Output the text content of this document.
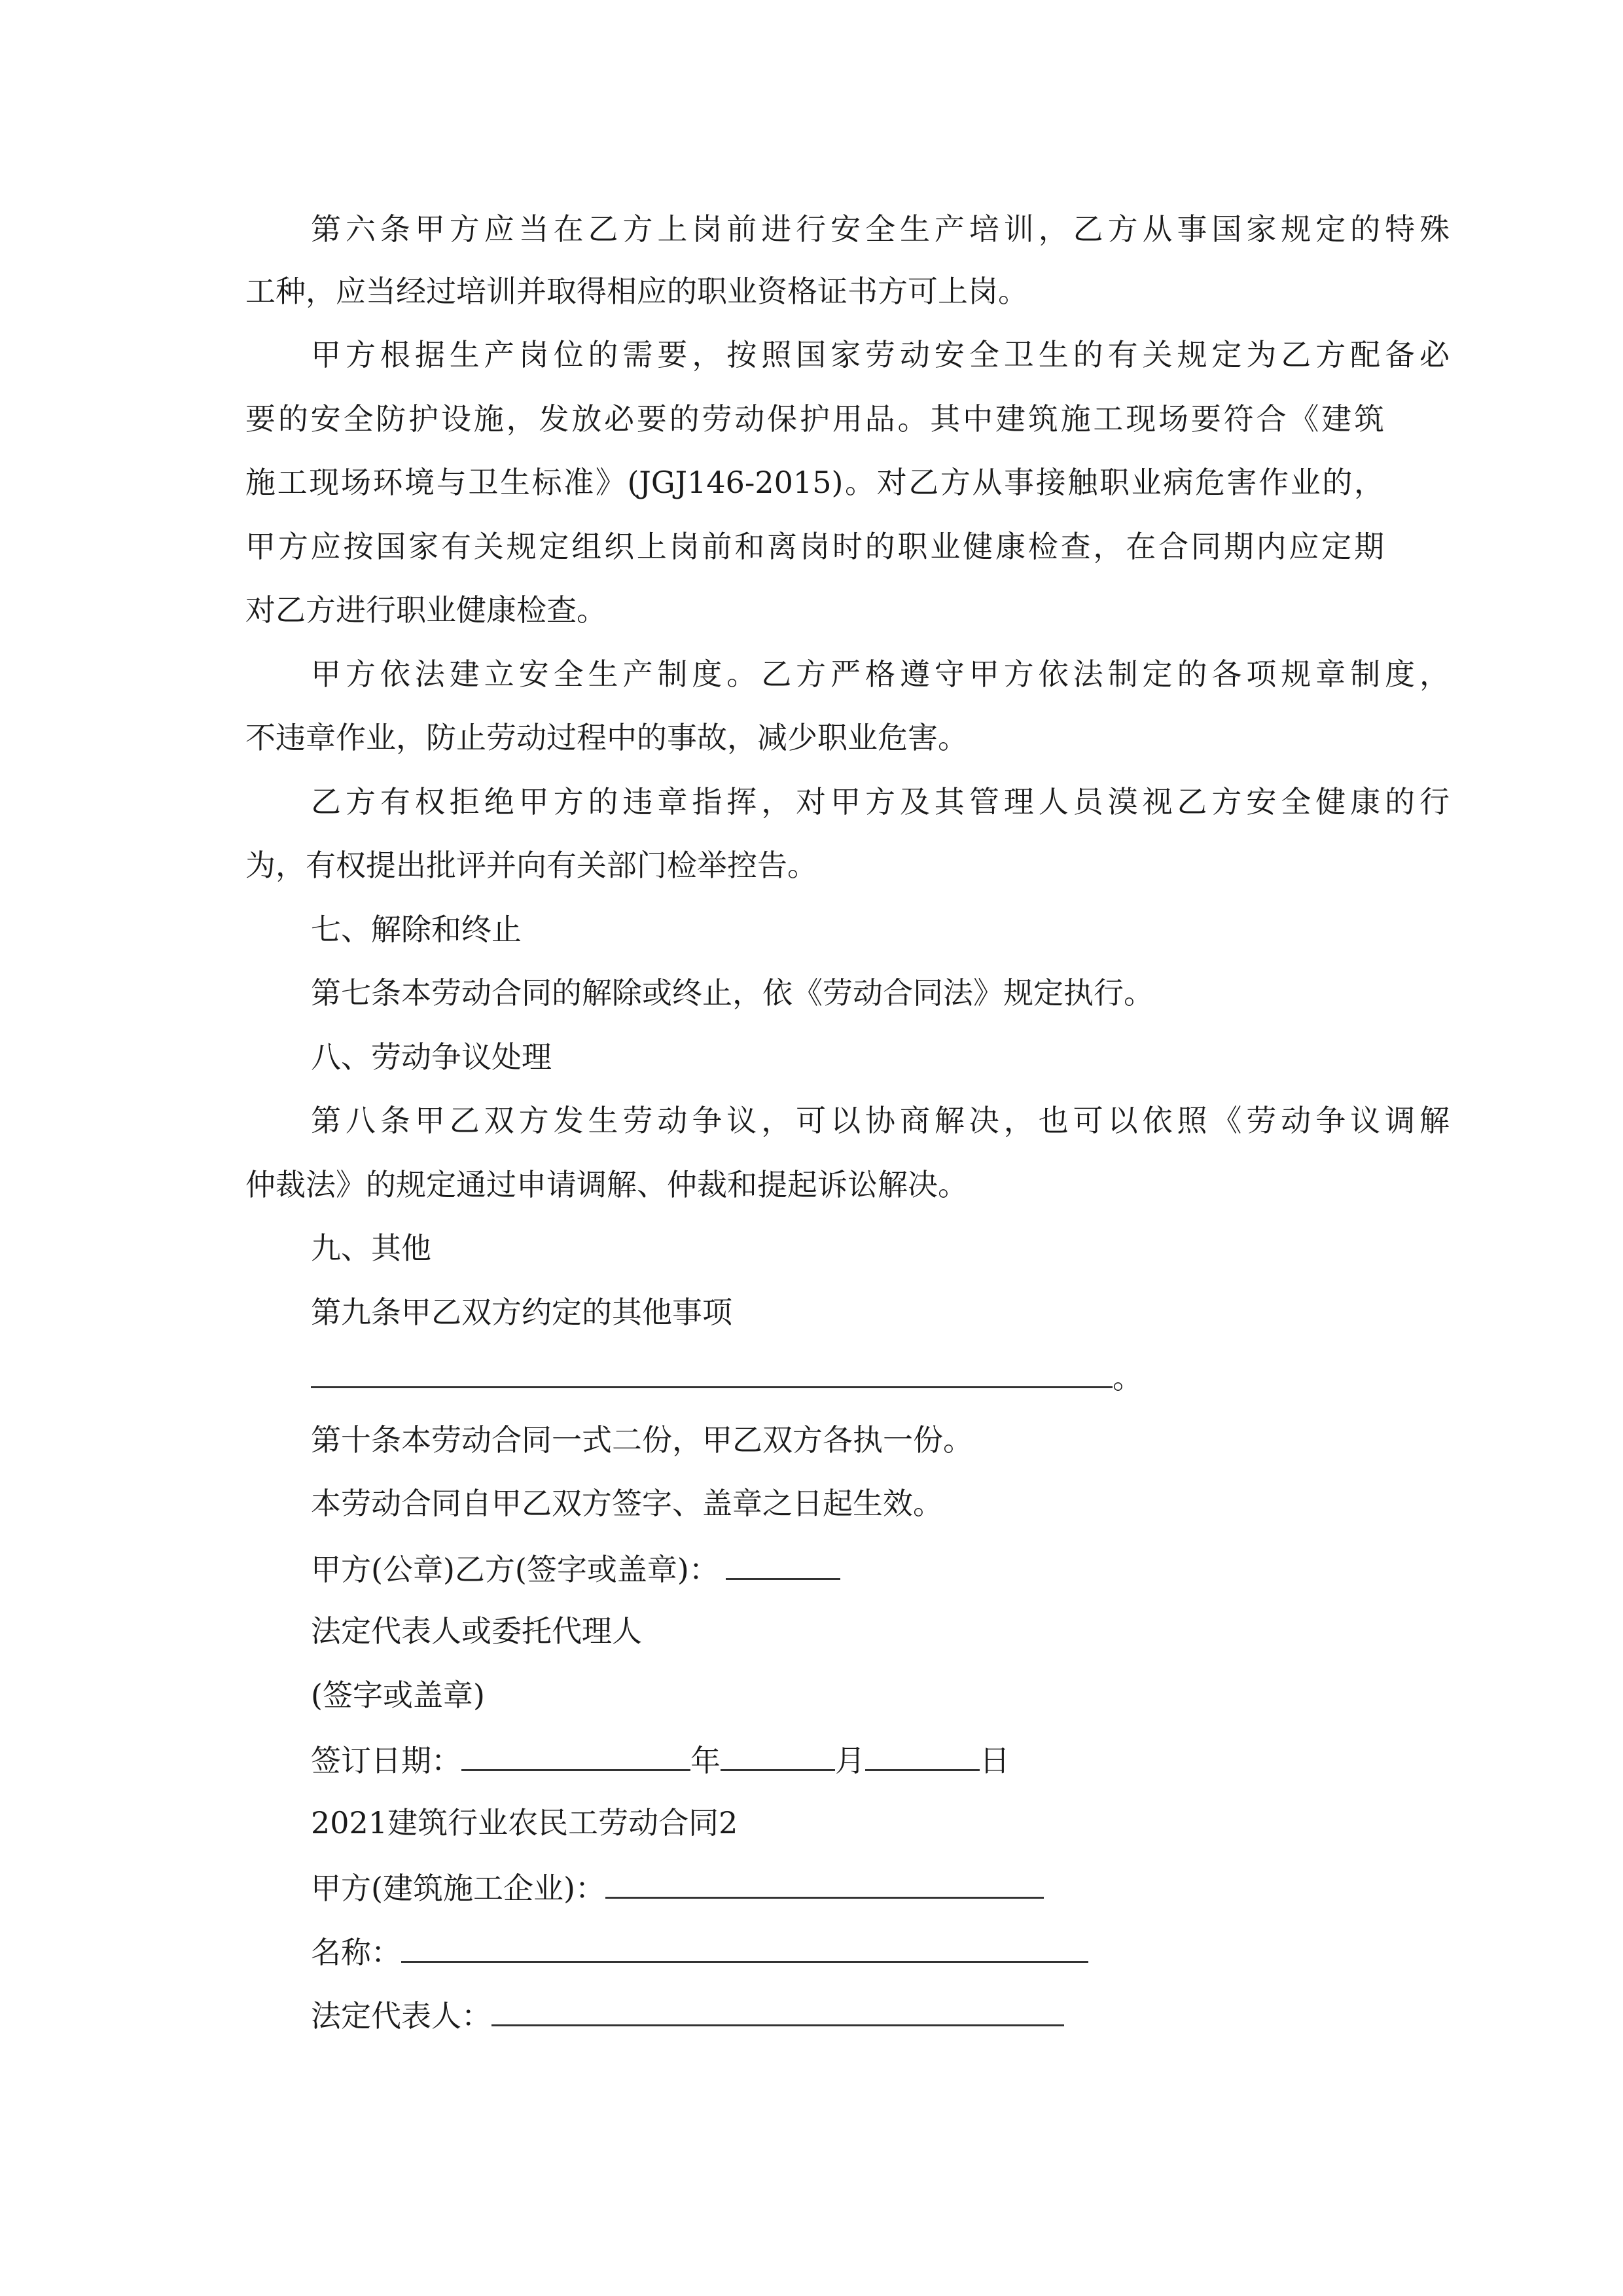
第六条甲方应当在乙方上岗前进行安全生产培训，乙方从事国家规定的特殊
工种，应当经过培训并取得相应的职业资格证书方可上岗。
甲方根据生产岗位的需要，按照国家劳动安全卫生的有关规定为乙方配备必
要的安全防护设施，发放必要的劳动保护用品。其中建筑施工现场要符合《建筑
施工现场环境与卫生标准》(JGJ146-2015)。对乙方从事接触职业病危害作业的，
甲方应按国家有关规定组织上岗前和离岗时的职业健康检查，在合同期内应定期
对乙方进行职业健康检查。
甲方依法建立安全生产制度。乙方严格遵守甲方依法制定的各项规章制度，
不违章作业，防止劳动过程中的事故，减少职业危害。
乙方有权拒绝甲方的违章指挥，对甲方及其管理人员漠视乙方安全健康的行
为，有权提出批评并向有关部门检举控告。
七、解除和终止
第七条本劳动合同的解除或终止，依《劳动合同法》规定执行。
八、劳动争议处理
第八条甲乙双方发生劳动争议，可以协商解决，也可以依照《劳动争议调解
仲裁法》的规定通过申请调解、仲裁和提起诉讼解决。
九、其他
第九条甲乙双方约定的其他事项
。
第十条本劳动合同一式二份，甲乙双方各执一份。
本劳动合同自甲乙双方签字、盖章之日起生效。
甲方(公章)乙方(签字或盖章)：
法定代表人或委托代理人
(签字或盖章)
签订日期：	年	月	日
2021建筑行业农民工劳动合同2
甲方(建筑施工企业)：
名称：
法定代表人：
